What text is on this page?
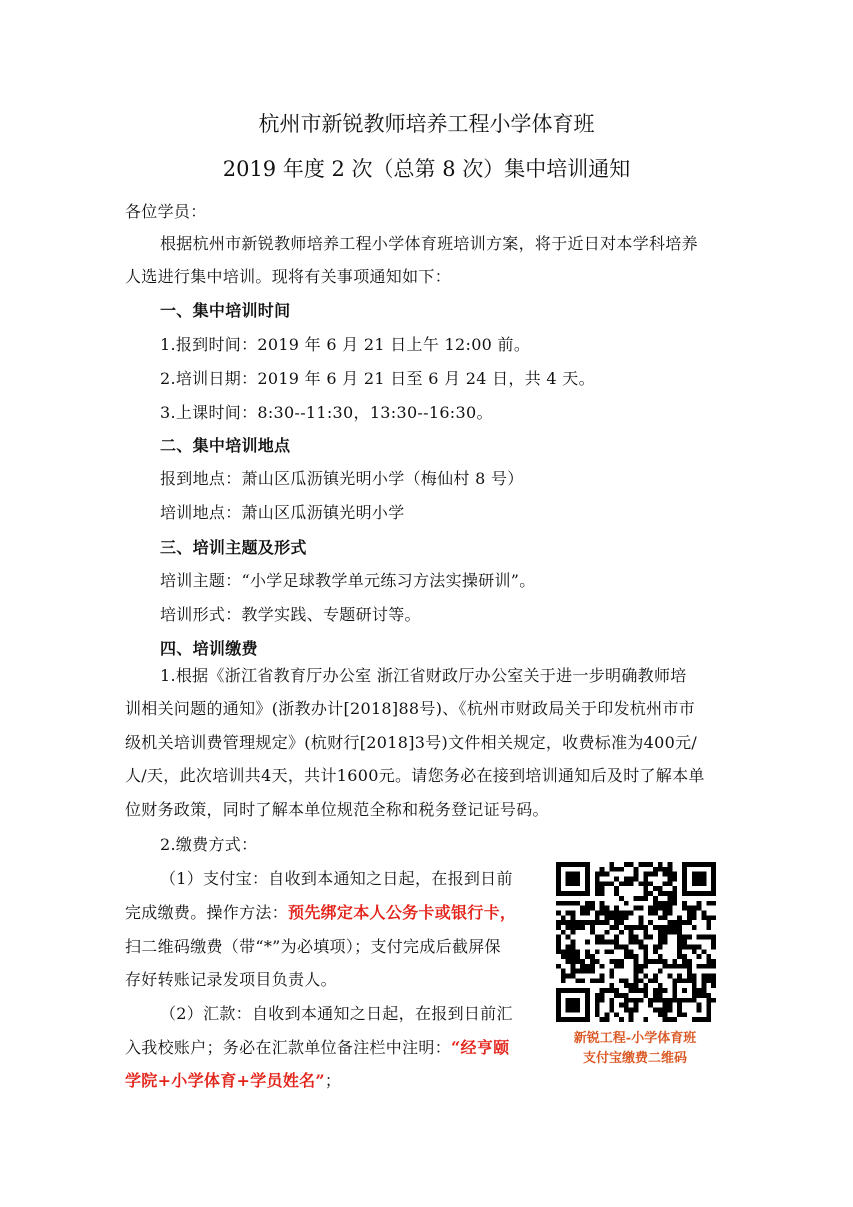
杭州市新锐教师培养工程小学体育班
2019 年度 2 次（总第 8 次）集中培训通知
各位学员：
根据杭州市新锐教师培养工程小学体育班培训方案，将于近日对本学科培养
人选进行集中培训。现将有关事项通知如下：
一、集中培训时间
1.报到时间：2019 年 6 月 21 日上午 12:00 前。
2.培训日期：2019 年 6 月 21 日至 6 月 24 日，共 4 天。
3.上课时间：8:30--11:30，13:30--16:30。
二、集中培训地点
报到地点：萧山区瓜沥镇光明小学（梅仙村 8 号）
培训地点：萧山区瓜沥镇光明小学
三、培训主题及形式
培训主题：“小学足球教学单元练习方法实操研训”。
培训形式：教学实践、专题研讨等。
四、培训缴费
1.根据《浙江省教育厅办公室 浙江省财政厅办公室关于进一步明确教师培
训相关问题的通知》(浙教办计[2018]88号)、《杭州市财政局关于印发杭州市市
级机关培训费管理规定》(杭财行[2018]3号)文件相关规定，收费标准为400元/
人/天，此次培训共4天，共计1600元。请您务必在接到培训通知后及时了解本单
位财务政策，同时了解本单位规范全称和税务登记证号码。
2.缴费方式：
（1）支付宝：自收到本通知之日起，在报到日前
完成缴费。操作方法：预先绑定本人公务卡或银行卡，
扫二维码缴费（带“*”为必填项）；支付完成后截屏保
存好转账记录发项目负责人。
（2）汇款：自收到本通知之日起，在报到日前汇
入我校账户；务必在汇款单位备注栏中注明：“经亨颐
学院+小学体育+学员姓名”；
新锐工程-小学体育班
支付宝缴费二维码
